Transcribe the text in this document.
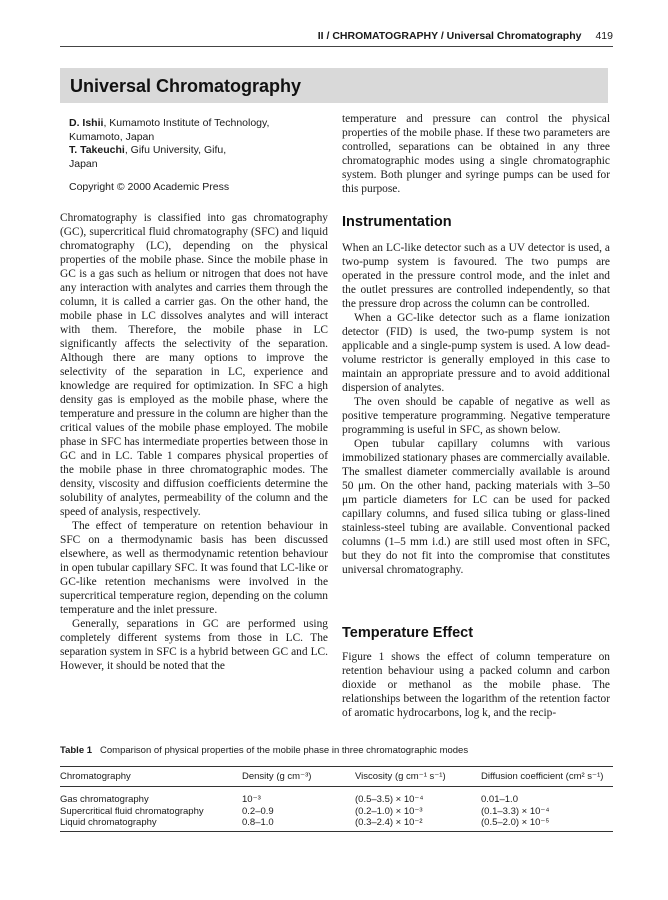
II / CHROMATOGRAPHY / Universal Chromatography 419
Universal Chromatography
D. Ishii, Kumamoto Institute of Technology,
Kumamoto, Japan
T. Takeuchi, Gifu University, Gifu,
Japan
Copyright © 2000 Academic Press

Chromatography is classified into gas chromatography (GC), supercritical fluid chromatography (SFC) and liquid chromatography (LC), depending on the physical properties of the mobile phase. Since the mobile phase in GC is a gas such as helium or nitrogen that does not have any interaction with analytes and carries them through the column, it is called a carrier gas. On the other hand, the mobile phase in LC dissolves analytes and will interact with them. Therefore, the mobile phase in LC significantly affects the selectivity of the separation. Although there are many options to improve the selectivity of the separation in LC, experience and knowledge are required for optimization. In SFC a high density gas is employed as the mobile phase, where the temperature and pressure in the column are higher than the critical values of the mobile phase employed. The mobile phase in SFC has intermediate properties between those in GC and in LC. Table 1 compares physical properties of the mobile phase in three chromatographic modes. The density, viscosity and diffusion coefficients determine the solubility of analytes, permeability of the column and the speed of analysis, respectively.

The effect of temperature on retention behaviour in SFC on a thermodynamic basis has been discussed elsewhere, as well as thermodynamic retention behaviour in open tubular capillary SFC. It was found that LC-like or GC-like retention mechanisms were involved in the supercritical temperature region, depending on the column temperature and the inlet pressure.

Generally, separations in GC are performed using completely different systems from those in LC. The separation system in SFC is a hybrid between GC and LC. However, it should be noted that the

temperature and pressure can control the physical properties of the mobile phase. If these two parameters are controlled, separations can be obtained in any three chromatographic modes using a single chromatographic system. Both plunger and syringe pumps can be used for this purpose.

Instrumentation

When an LC-like detector such as a UV detector is used, a two-pump system is favoured. The two pumps are operated in the pressure control mode, and the inlet and the outlet pressures are controlled independently, so that the pressure drop across the column can be controlled.

When a GC-like detector such as a flame ionization detector (FID) is used, the two-pump system is not applicable and a single-pump system is used. A low dead-volume restrictor is generally employed in this case to maintain an appropriate pressure and to avoid additional dispersion of analytes.

The oven should be capable of negative as well as positive temperature programming. Negative temperature programming is useful in SFC, as shown below.

Open tubular capillary columns with various immobilized stationary phases are commercially available. The smallest diameter commercially available is around 50 μm. On the other hand, packing materials with 3–50 μm particle diameters for LC can be used for packed capillary columns, and fused silica tubing or glass-lined stainless-steel tubing are available. Conventional packed columns (1–5 mm i.d.) are still used most often in SFC, but they do not fit into the compromise that constitutes universal chromatography.

Temperature Effect

Figure 1 shows the effect of column temperature on retention behaviour using a packed column and carbon dioxide or methanol as the mobile phase. The relationships between the logarithm of the retention factor of aromatic hydrocarbons, log k, and the recip-

Table 1 Comparison of physical properties of the mobile phase in three chromatographic modes
Chromatography	Density (g cm⁻³)	Viscosity (g cm⁻¹ s⁻¹)	Diffusion coefficient (cm² s⁻¹)
Gas chromatography	10⁻³	(0.5–3.5) × 10⁻⁴	0.01–1.0
Supercritical fluid chromatography	0.2–0.9	(0.2–1.0) × 10⁻³	(0.1–3.3) × 10⁻⁴
Liquid chromatography	0.8–1.0	(0.3–2.4) × 10⁻²	(0.5–2.0) × 10⁻⁵
